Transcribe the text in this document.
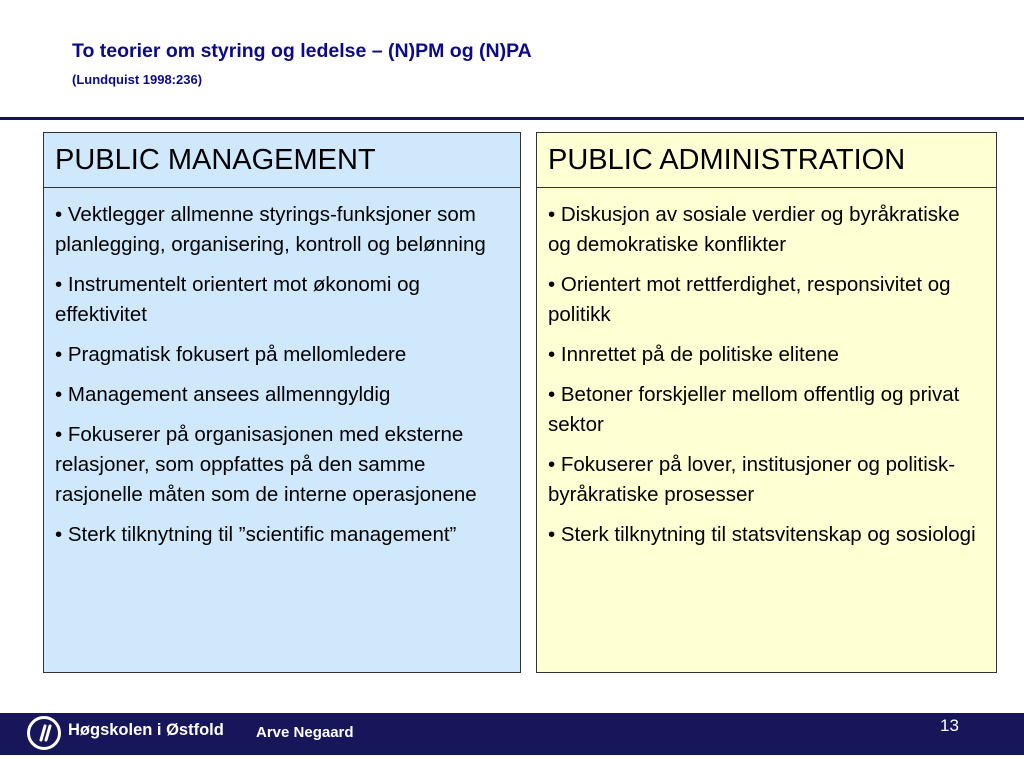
To teorier om styring og ledelse – (N)PM og (N)PA
(Lundquist 1998:236)
PUBLIC MANAGEMENT
• Vektlegger allmenne styrings-funksjoner som planlegging, organisering, kontroll og belønning
• Instrumentelt orientert mot økonomi og effektivitet
• Pragmatisk fokusert på mellomledere
• Management ansees allmenngyldig
• Fokuserer på organisasjonen med eksterne relasjoner, som oppfattes på den samme rasjonelle måten som de interne operasjonene
• Sterk tilknytning til ”scientific management”
PUBLIC ADMINISTRATION
• Diskusjon av sosiale verdier og byråkratiske og demokratiske konflikter
• Orientert mot rettferdighet, responsivitet og politikk
• Innrettet på de politiske elitene
• Betoner forskjeller mellom offentlig og privat sektor
• Fokuserer på lover, institusjoner og politisk-byråkratiske prosesser
• Sterk tilknytning til statsvitenskap og sosiologi
Høgskolen i Østfold Arve Negaard	13
